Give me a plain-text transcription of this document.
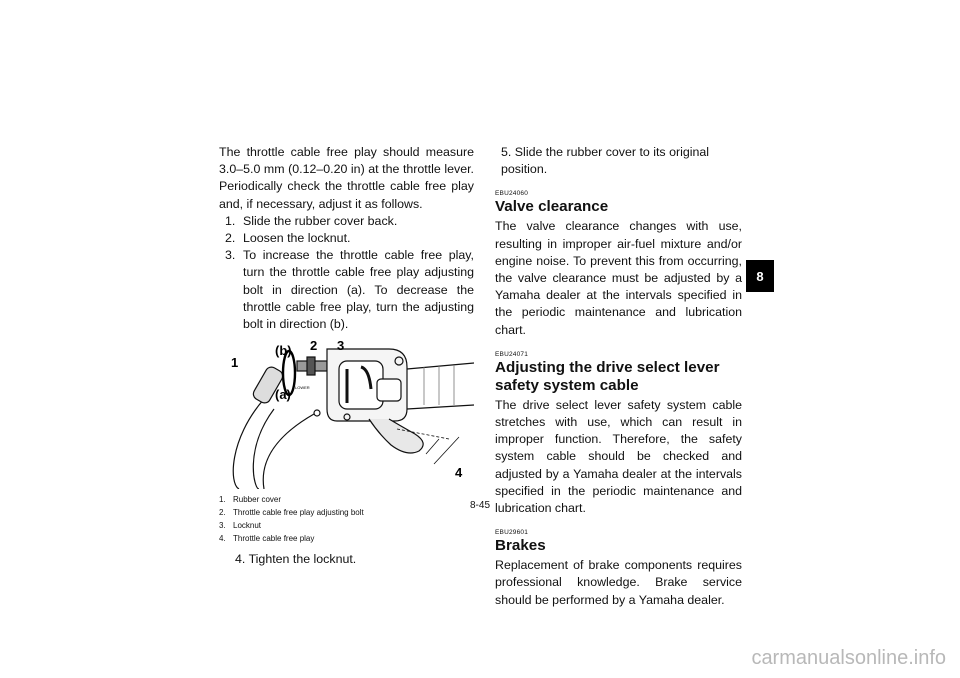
The throttle cable free play should measure 3.0–5.0 mm (0.12–0.20 in) at the throttle lever. Periodically check the throttle cable free play and, if necessary, adjust it as follows.

1. Slide the rubber cover back.
2. Loosen the locknut.
3. To increase the throttle cable free play, turn the throttle cable free play adjusting bolt in direction (a). To decrease the throttle cable free play, turn the adjusting bolt in direction (b).
1
(b) 2 3
(a) LOWER
4
1. Rubber cover
2. Throttle cable free play adjusting bolt
3. Locknut
4. Throttle cable free play
4. Tighten the locknut.
5. Slide the rubber cover to its original position.
EBU24060
Valve clearance

The valve clearance changes with use, resulting in improper air-fuel mixture and/or engine noise. To prevent this from occurring, the valve clearance must be adjusted by a Yamaha dealer at the intervals specified in the periodic maintenance and lubrication chart.

EBU24071
Adjusting the drive select lever safety system cable

The drive select lever safety system cable stretches with use, which can result in improper function. Therefore, the safety system cable should be checked and adjusted by a Yamaha dealer at the intervals specified in the periodic maintenance and lubrication chart.

EBU29601
Brakes

Replacement of brake components requires professional knowledge. Brake service should be performed by a Yamaha dealer.

8
8-45
carmanualsonline.info
